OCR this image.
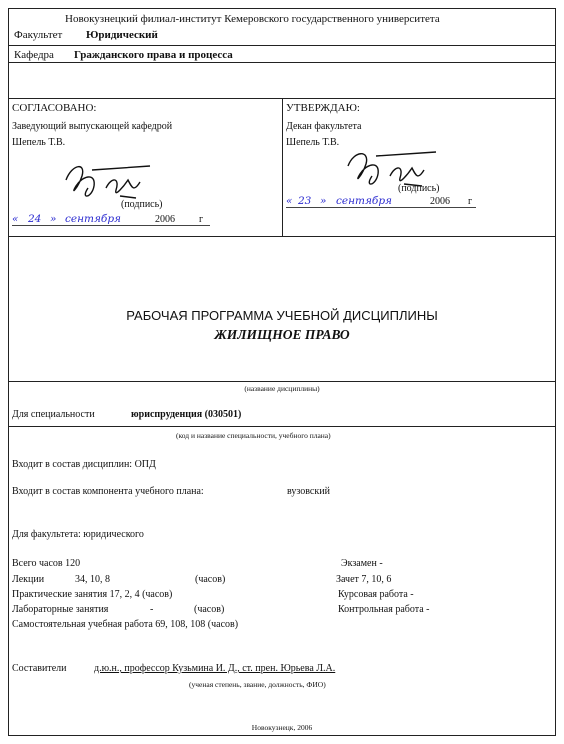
Новокузнецкий филиал-институт Кемеровского государственного университета
Факультет Юридический
Кафедра Гражданского права и процесса
СОГЛАСОВАНО:
Заведующий выпускающей кафедрой
Шепель Т.В.
(подпись)
« 24 » сентября	2006 г
УТВЕРЖДАЮ:
Декан факультета
Шепель Т.В.
(подпись)
« 23 » сентября	2006 г
РАБОЧАЯ ПРОГРАММА УЧЕБНОЙ ДИСЦИПЛИНЫ
ЖИЛИЩНОЕ ПРАВО
(название дисциплины)
Для специальности	юриспруденция (030501)
(код и название специальности, учебного плана)
Входит в состав дисциплин: ОПД
Входит в состав компонента учебного плана:	вузовский
Для факультета: юридического
Всего часов 120
Лекции	34, 10, 8	(часов)
Практические занятия 17, 2, 4 (часов)
Лабораторные занятия	-	(часов)
Самостоятельная учебная работа 69, 108, 108 (часов)
Экзамен -
Зачет 7, 10, 6
Курсовая работа -
Контрольная работа -
Составители	д.ю.н., профессор Кузьмина И. Д., ст. прен. Юрьева Л.А.
(ученая степень, звание, должность, ФИО)
Новокузнецк, 2006
